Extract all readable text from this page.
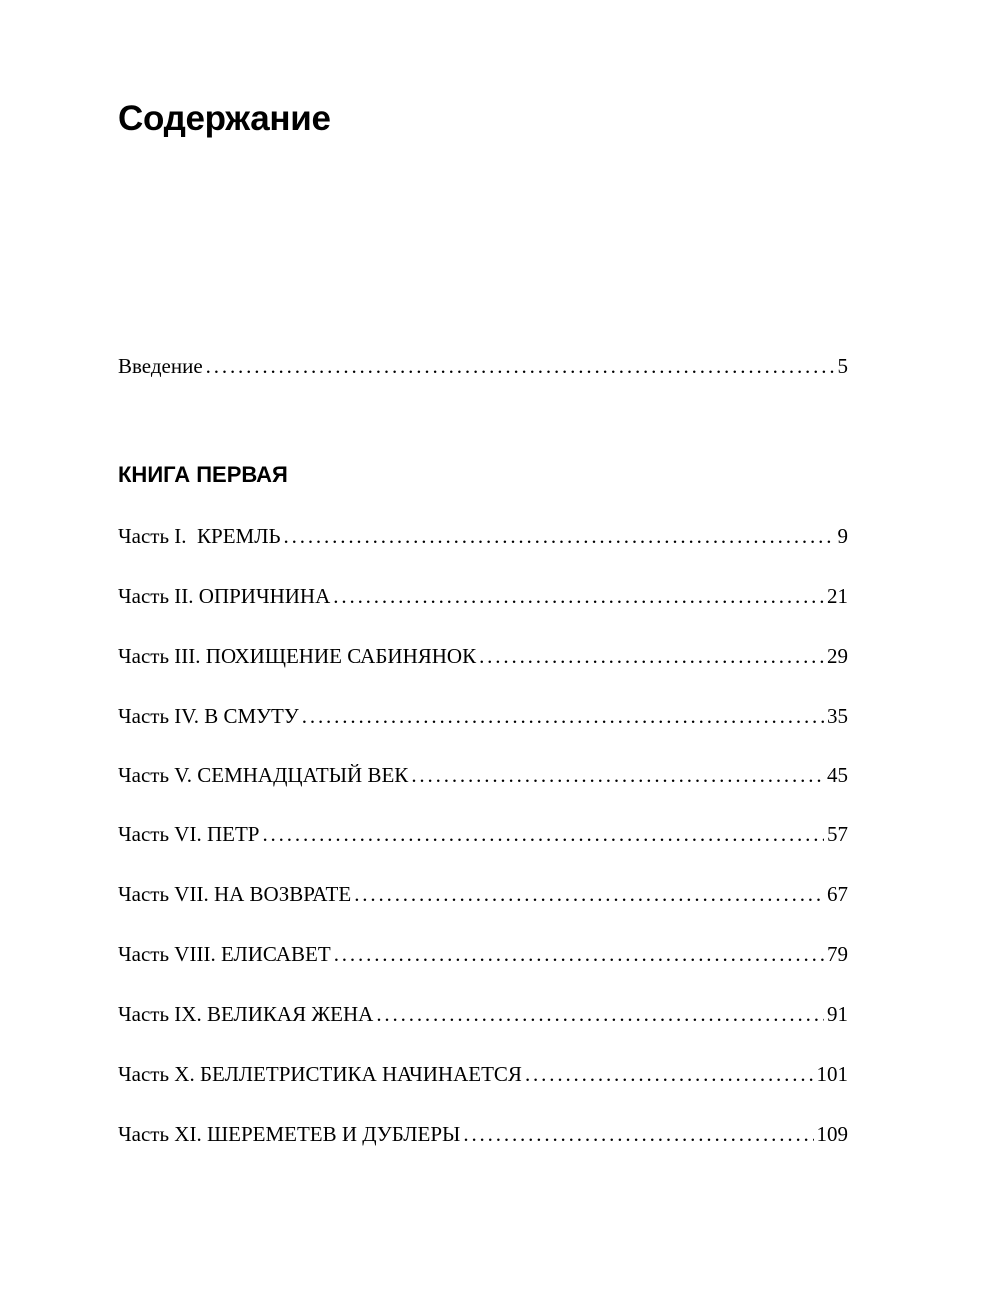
Содержание
Введение . . .	5
КНИГА ПЕРВАЯ
Часть I.  КРЕМЛЬ . . .	9
Часть II. ОПРИЧНИНА . . .	21
Часть III. ПОХИЩЕНИЕ САБИНЯНОК . . .	29
Часть IV. В СМУТУ . . .	35
Часть V. СЕМНАДЦАТЫЙ ВЕК . . .	45
Часть VI. ПЕТР . . .	57
Часть VII. НА ВОЗВРАТЕ . . .	67
Часть VIII. ЕЛИСАВЕТ . . .	79
Часть IX. ВЕЛИКАЯ ЖЕНА . . .	91
Часть X. БЕЛЛЕТРИСТИКА НАЧИНАЕТСЯ . . .	101
Часть XI. ШЕРЕМЕТЕВ И ДУБЛЕРЫ . . .	109
